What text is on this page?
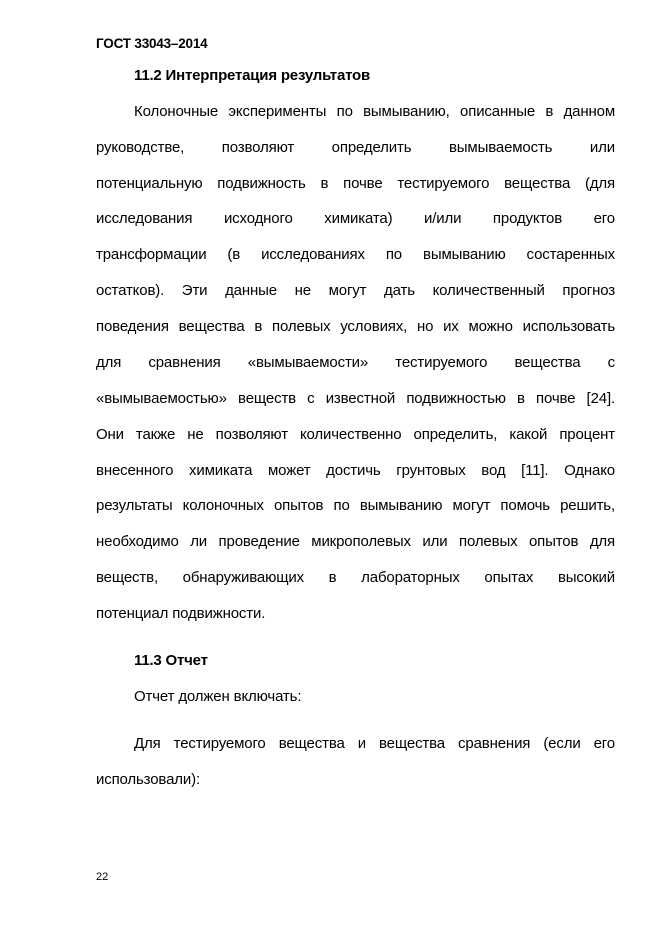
ГОСТ 33043–2014
11.2 Интерпретация результатов
Колоночные эксперименты по вымыванию, описанные в данном
руководстве, позволяют определить вымываемость или
потенциальную подвижность в почве тестируемого вещества (для
исследования исходного химиката) и/или продуктов его
трансформации (в исследованиях по вымыванию состаренных
остатков). Эти данные не могут дать количественный прогноз
поведения вещества в полевых условиях, но их можно использовать
для сравнения «вымываемости» тестируемого вещества с
«вымываемостью» веществ с известной подвижностью в почве [24].
Они также не позволяют количественно определить, какой процент
внесенного химиката может достичь грунтовых вод [11]. Однако
результаты колоночных опытов по вымыванию могут помочь решить,
необходимо ли проведение микрополевых или полевых опытов для
веществ, обнаруживающих в лабораторных опытах высокий
потенциал подвижности.
11.3 Отчет
Отчет должен включать:
Для тестируемого вещества и вещества сравнения (если его
использовали):
22
